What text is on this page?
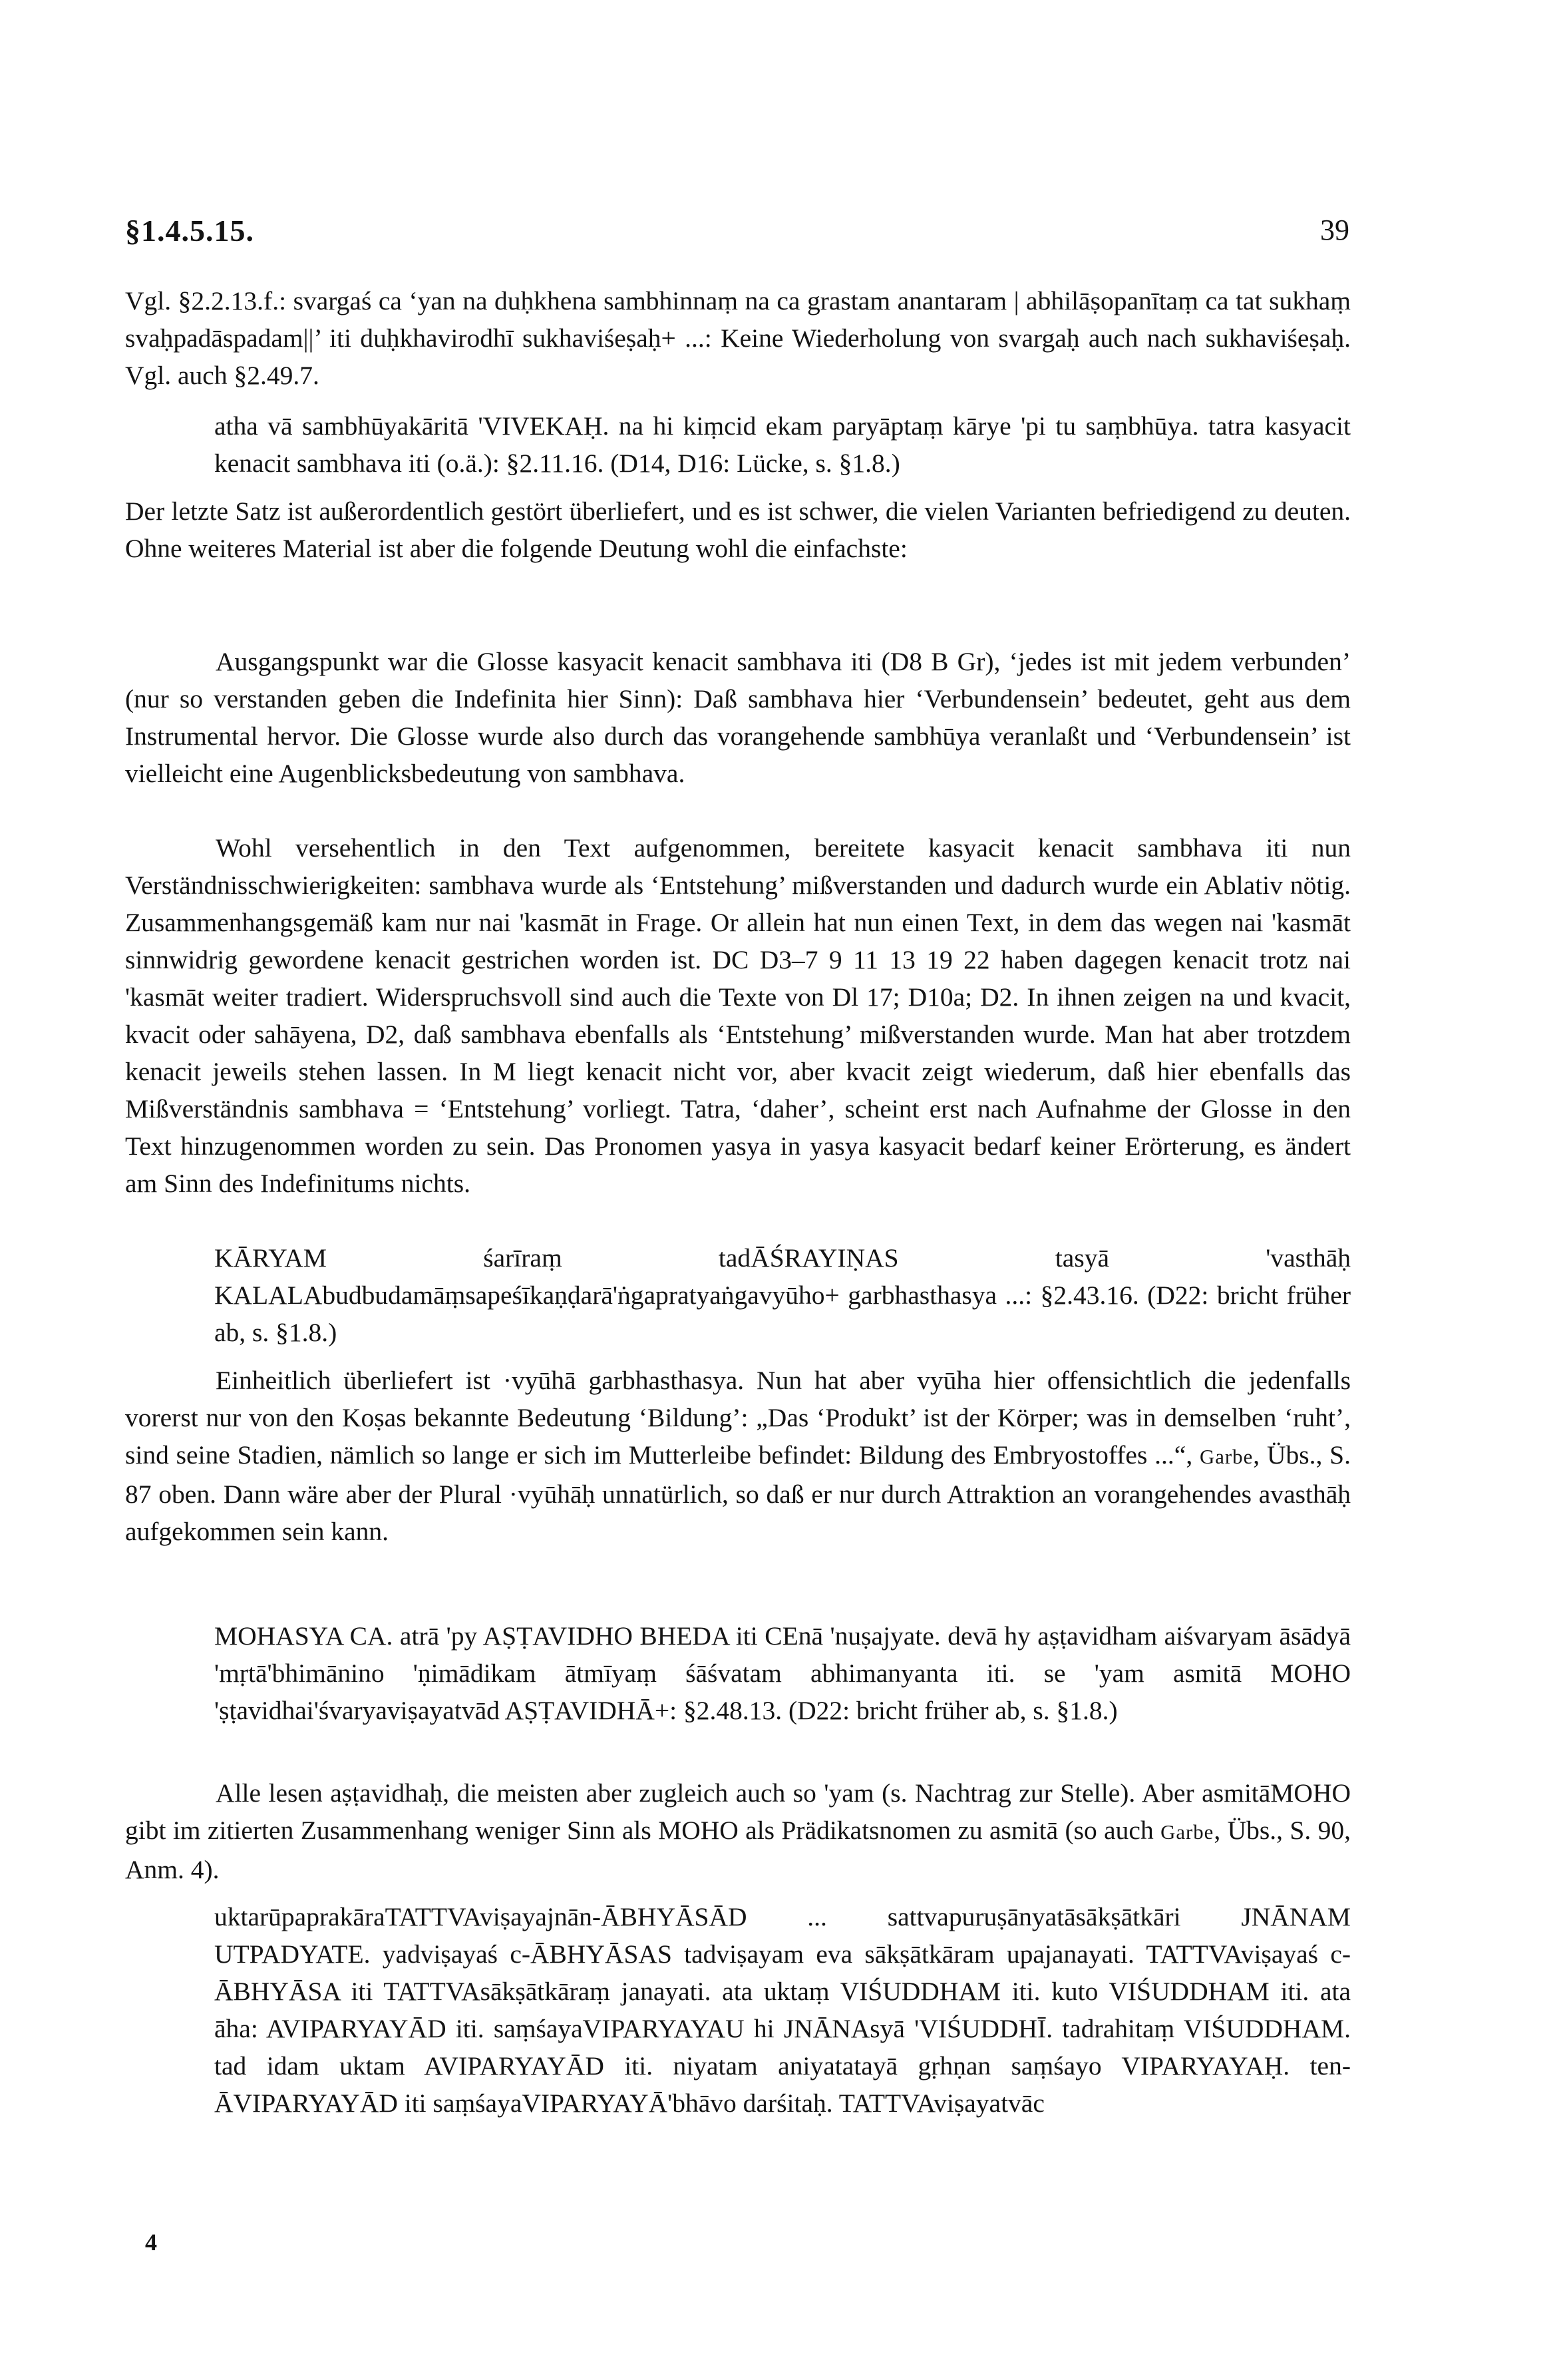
§1.4.5.15.	39
Vgl. §2.2.13.f.: svargaś ca ‘yan na duḥkhena sambhinnaṃ na ca grastam anantaram | abhilāṣopanītaṃ ca tat sukhaṃ svaḥpadāspadam||’ iti duḥkhavirodhī sukhaviśeṣaḥ+ ...: Keine Wiederholung von svargaḥ auch nach sukhaviśeṣaḥ. Vgl. auch §2.49.7.
atha vā sambhūyakāritā 'VIVEKAḤ. na hi kiṃcid ekam paryāptaṃ kārye 'pi tu saṃbhūya. tatra kasyacit kenacit sambhava iti (o.ä.): §2.11.16. (D14, D16: Lücke, s. §1.8.)
Der letzte Satz ist außerordentlich gestört überliefert, und es ist schwer, die vielen Varianten befriedigend zu deuten. Ohne weiteres Material ist aber die folgende Deutung wohl die einfachste:
Ausgangspunkt war die Glosse kasyacit kenacit sambhava iti (D8 B Gr), ‘jedes ist mit jedem verbunden’ (nur so verstanden geben die Indefinita hier Sinn): Daß sambhava hier ‘Verbundensein’ bedeutet, geht aus dem Instrumental hervor. Die Glosse wurde also durch das vorangehende sambhūya veranlaßt und ‘Verbundensein’ ist vielleicht eine Augenblicksbedeutung von sambhava.
Wohl versehentlich in den Text aufgenommen, bereitete kasyacit kenacit sambhava iti nun Verständnisschwierigkeiten: sambhava wurde als ‘Entstehung’ mißverstanden und dadurch wurde ein Ablativ nötig. Zusammenhangsgemäß kam nur nai 'kasmāt in Frage. Or allein hat nun einen Text, in dem das wegen nai 'kasmāt sinnwidrig gewordene kenacit gestrichen worden ist. DC D3–7 9 11 13 19 22 haben dagegen kenacit trotz nai 'kasmāt weiter tradiert. Widerspruchsvoll sind auch die Texte von Dl 17; D10a; D2. In ihnen zeigen na und kvacit, kvacit oder sahāyena, D2, daß sambhava ebenfalls als ‘Entstehung’ mißverstanden wurde. Man hat aber trotzdem kenacit jeweils stehen lassen. In M liegt kenacit nicht vor, aber kvacit zeigt wiederum, daß hier ebenfalls das Mißverständnis sambhava = ‘Entstehung’ vorliegt. Tatra, ‘daher’, scheint erst nach Aufnahme der Glosse in den Text hinzugenommen worden zu sein. Das Pronomen yasya in yasya kasyacit bedarf keiner Erörterung, es ändert am Sinn des Indefinitums nichts.
KĀRYAM śarīraṃ tadĀŚRAYIṆAS tasyā 'vasthāḥ KALALAbudbudamāṃsapeśīkaṇḍarā'ṅgapratyaṅgavyūho+ garbhasthasya ...: §2.43.16. (D22: bricht früher ab, s. §1.8.)
Einheitlich überliefert ist ·vyūhā garbhasthasya. Nun hat aber vyūha hier offensichtlich die jedenfalls vorerst nur von den Koṣas bekannte Bedeutung ‘Bildung’: „Das ‘Produkt’ ist der Körper; was in demselben ‘ruht’, sind seine Stadien, nämlich so lange er sich im Mutterleibe befindet: Bildung des Embryostoffes ...“, Garbe, Übs., S. 87 oben. Dann wäre aber der Plural ·vyūhāḥ unnatürlich, so daß er nur durch Attraktion an vorangehendes avasthāḥ aufgekommen sein kann.
MOHASYA CA. atrā 'py AṢṬAVIDHO BHEDA iti CEnā 'nuṣajyate. devā hy aṣṭavidham aiśvaryam āsādyā 'mṛtā'bhimānino 'ṇimādikam ātmīyaṃ śāśvatam abhimanyanta iti. se 'yam asmitā MOHO 'ṣṭavidhai'śvaryaviṣayatvād AṢṬAVIDHĀ+: §2.48.13. (D22: bricht früher ab, s. §1.8.)
Alle lesen aṣṭavidhaḥ, die meisten aber zugleich auch so 'yam (s. Nachtrag zur Stelle). Aber asmitāMOHO gibt im zitierten Zusammenhang weniger Sinn als MOHO als Prädikatsnomen zu asmitā (so auch Garbe, Übs., S. 90, Anm. 4).
uktarūpaprakāraTATTVAviṣayajnān-ĀBHYĀSĀD ... sattvapuruṣānyatāsākṣātkāri JNĀNAM UTPADYATE. yadviṣayaś c-ĀBHYĀSAS tadviṣayam eva sākṣātkāram upajanayati. TATTVAviṣayaś c-ĀBHYĀSA iti TATTVAsākṣātkāraṃ janayati. ata uktaṃ VIŚUDDHAM iti. kuto VIŚUDDHAM iti. ata āha: AVIPARYAYĀD iti. saṃśayaVIPARYAYAU hi JNĀNAsyā 'VIŚUDDHĪ. tadrahitaṃ VIŚUDDHAM. tad idam uktam AVIPARYAYĀD iti. niyatam aniyatatayā gṛhṇan saṃśayo VIPARYAYAḤ. ten-ĀVIPARYAYĀD iti saṃśayaVIPARYAYĀ'bhāvo darśitaḥ. TATTVAviṣayatvāc
4
